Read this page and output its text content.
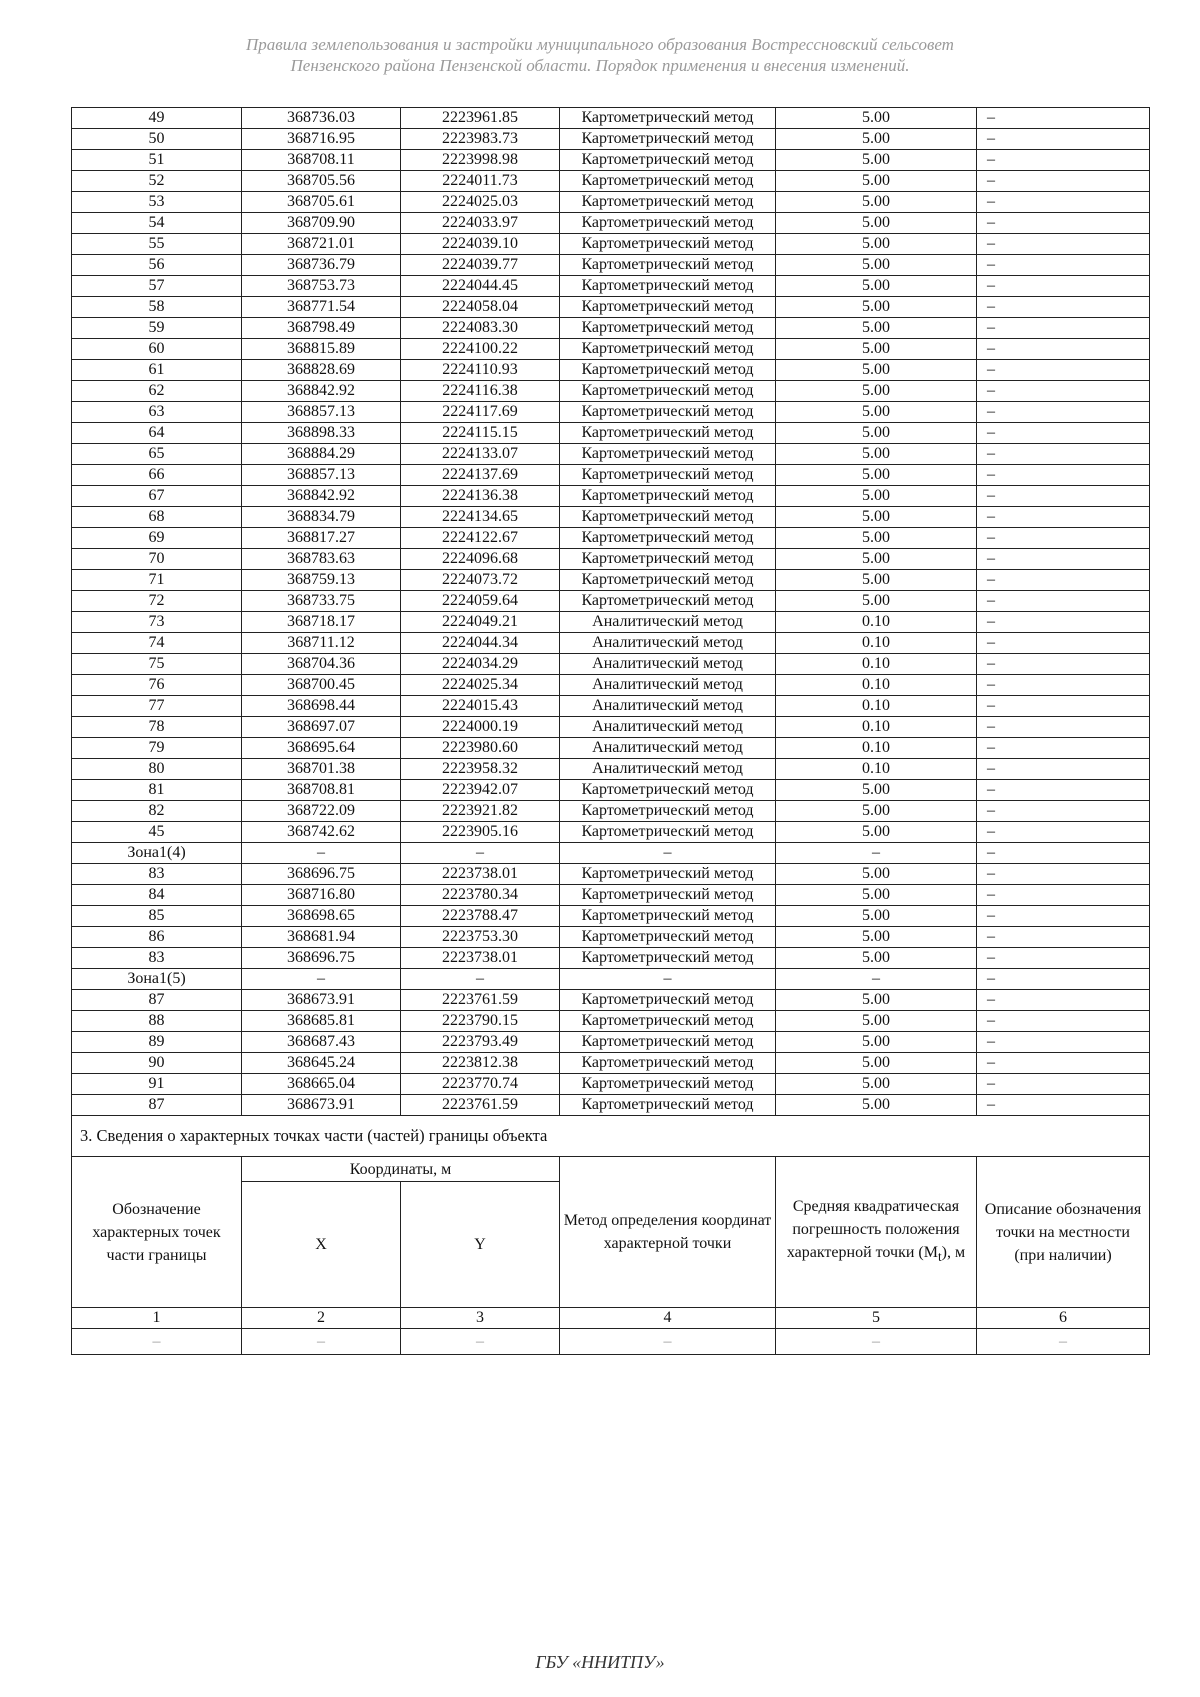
Правила землепользования и застройки муниципального образования Вострессновский сельсовет
Пензенского района Пензенской области. Порядок применения и внесения изменений.
49	368736.03	2223961.85	Картометрический метод	5.00	–
50	368716.95	2223983.73	Картометрический метод	5.00	–
51	368708.11	2223998.98	Картометрический метод	5.00	–
52	368705.56	2224011.73	Картометрический метод	5.00	–
53	368705.61	2224025.03	Картометрический метод	5.00	–
54	368709.90	2224033.97	Картометрический метод	5.00	–
55	368721.01	2224039.10	Картометрический метод	5.00	–
56	368736.79	2224039.77	Картометрический метод	5.00	–
57	368753.73	2224044.45	Картометрический метод	5.00	–
58	368771.54	2224058.04	Картометрический метод	5.00	–
59	368798.49	2224083.30	Картометрический метод	5.00	–
60	368815.89	2224100.22	Картометрический метод	5.00	–
61	368828.69	2224110.93	Картометрический метод	5.00	–
62	368842.92	2224116.38	Картометрический метод	5.00	–
63	368857.13	2224117.69	Картометрический метод	5.00	–
64	368898.33	2224115.15	Картометрический метод	5.00	–
65	368884.29	2224133.07	Картометрический метод	5.00	–
66	368857.13	2224137.69	Картометрический метод	5.00	–
67	368842.92	2224136.38	Картометрический метод	5.00	–
68	368834.79	2224134.65	Картометрический метод	5.00	–
69	368817.27	2224122.67	Картометрический метод	5.00	–
70	368783.63	2224096.68	Картометрический метод	5.00	–
71	368759.13	2224073.72	Картометрический метод	5.00	–
72	368733.75	2224059.64	Картометрический метод	5.00	–
73	368718.17	2224049.21	Аналитический метод	0.10	–
74	368711.12	2224044.34	Аналитический метод	0.10	–
75	368704.36	2224034.29	Аналитический метод	0.10	–
76	368700.45	2224025.34	Аналитический метод	0.10	–
77	368698.44	2224015.43	Аналитический метод	0.10	–
78	368697.07	2224000.19	Аналитический метод	0.10	–
79	368695.64	2223980.60	Аналитический метод	0.10	–
80	368701.38	2223958.32	Аналитический метод	0.10	–
81	368708.81	2223942.07	Картометрический метод	5.00	–
82	368722.09	2223921.82	Картометрический метод	5.00	–
45	368742.62	2223905.16	Картометрический метод	5.00	–
Зона1(4)	–	–	–	–	–
83	368696.75	2223738.01	Картометрический метод	5.00	–
84	368716.80	2223780.34	Картометрический метод	5.00	–
85	368698.65	2223788.47	Картометрический метод	5.00	–
86	368681.94	2223753.30	Картометрический метод	5.00	–
83	368696.75	2223738.01	Картометрический метод	5.00	–
Зона1(5)	–	–	–	–	–
87	368673.91	2223761.59	Картометрический метод	5.00	–
88	368685.81	2223790.15	Картометрический метод	5.00	–
89	368687.43	2223793.49	Картометрический метод	5.00	–
90	368645.24	2223812.38	Картометрический метод	5.00	–
91	368665.04	2223770.74	Картометрический метод	5.00	–
87	368673.91	2223761.59	Картометрический метод	5.00	–
3. Сведения о характерных точках части (частей) границы объекта					
Обозначение характерных точек части границы	Координаты, м		Метод определения координат характерной точки	Средняя квадратическая погрешность положения характерной точки $(M_t)$, м	Описание обозначения точки на местности (при наличии)
	X	Y			
1	2	3	4	5	6
–	–	–	–	–	–
ГБУ «ННИТПУ»
